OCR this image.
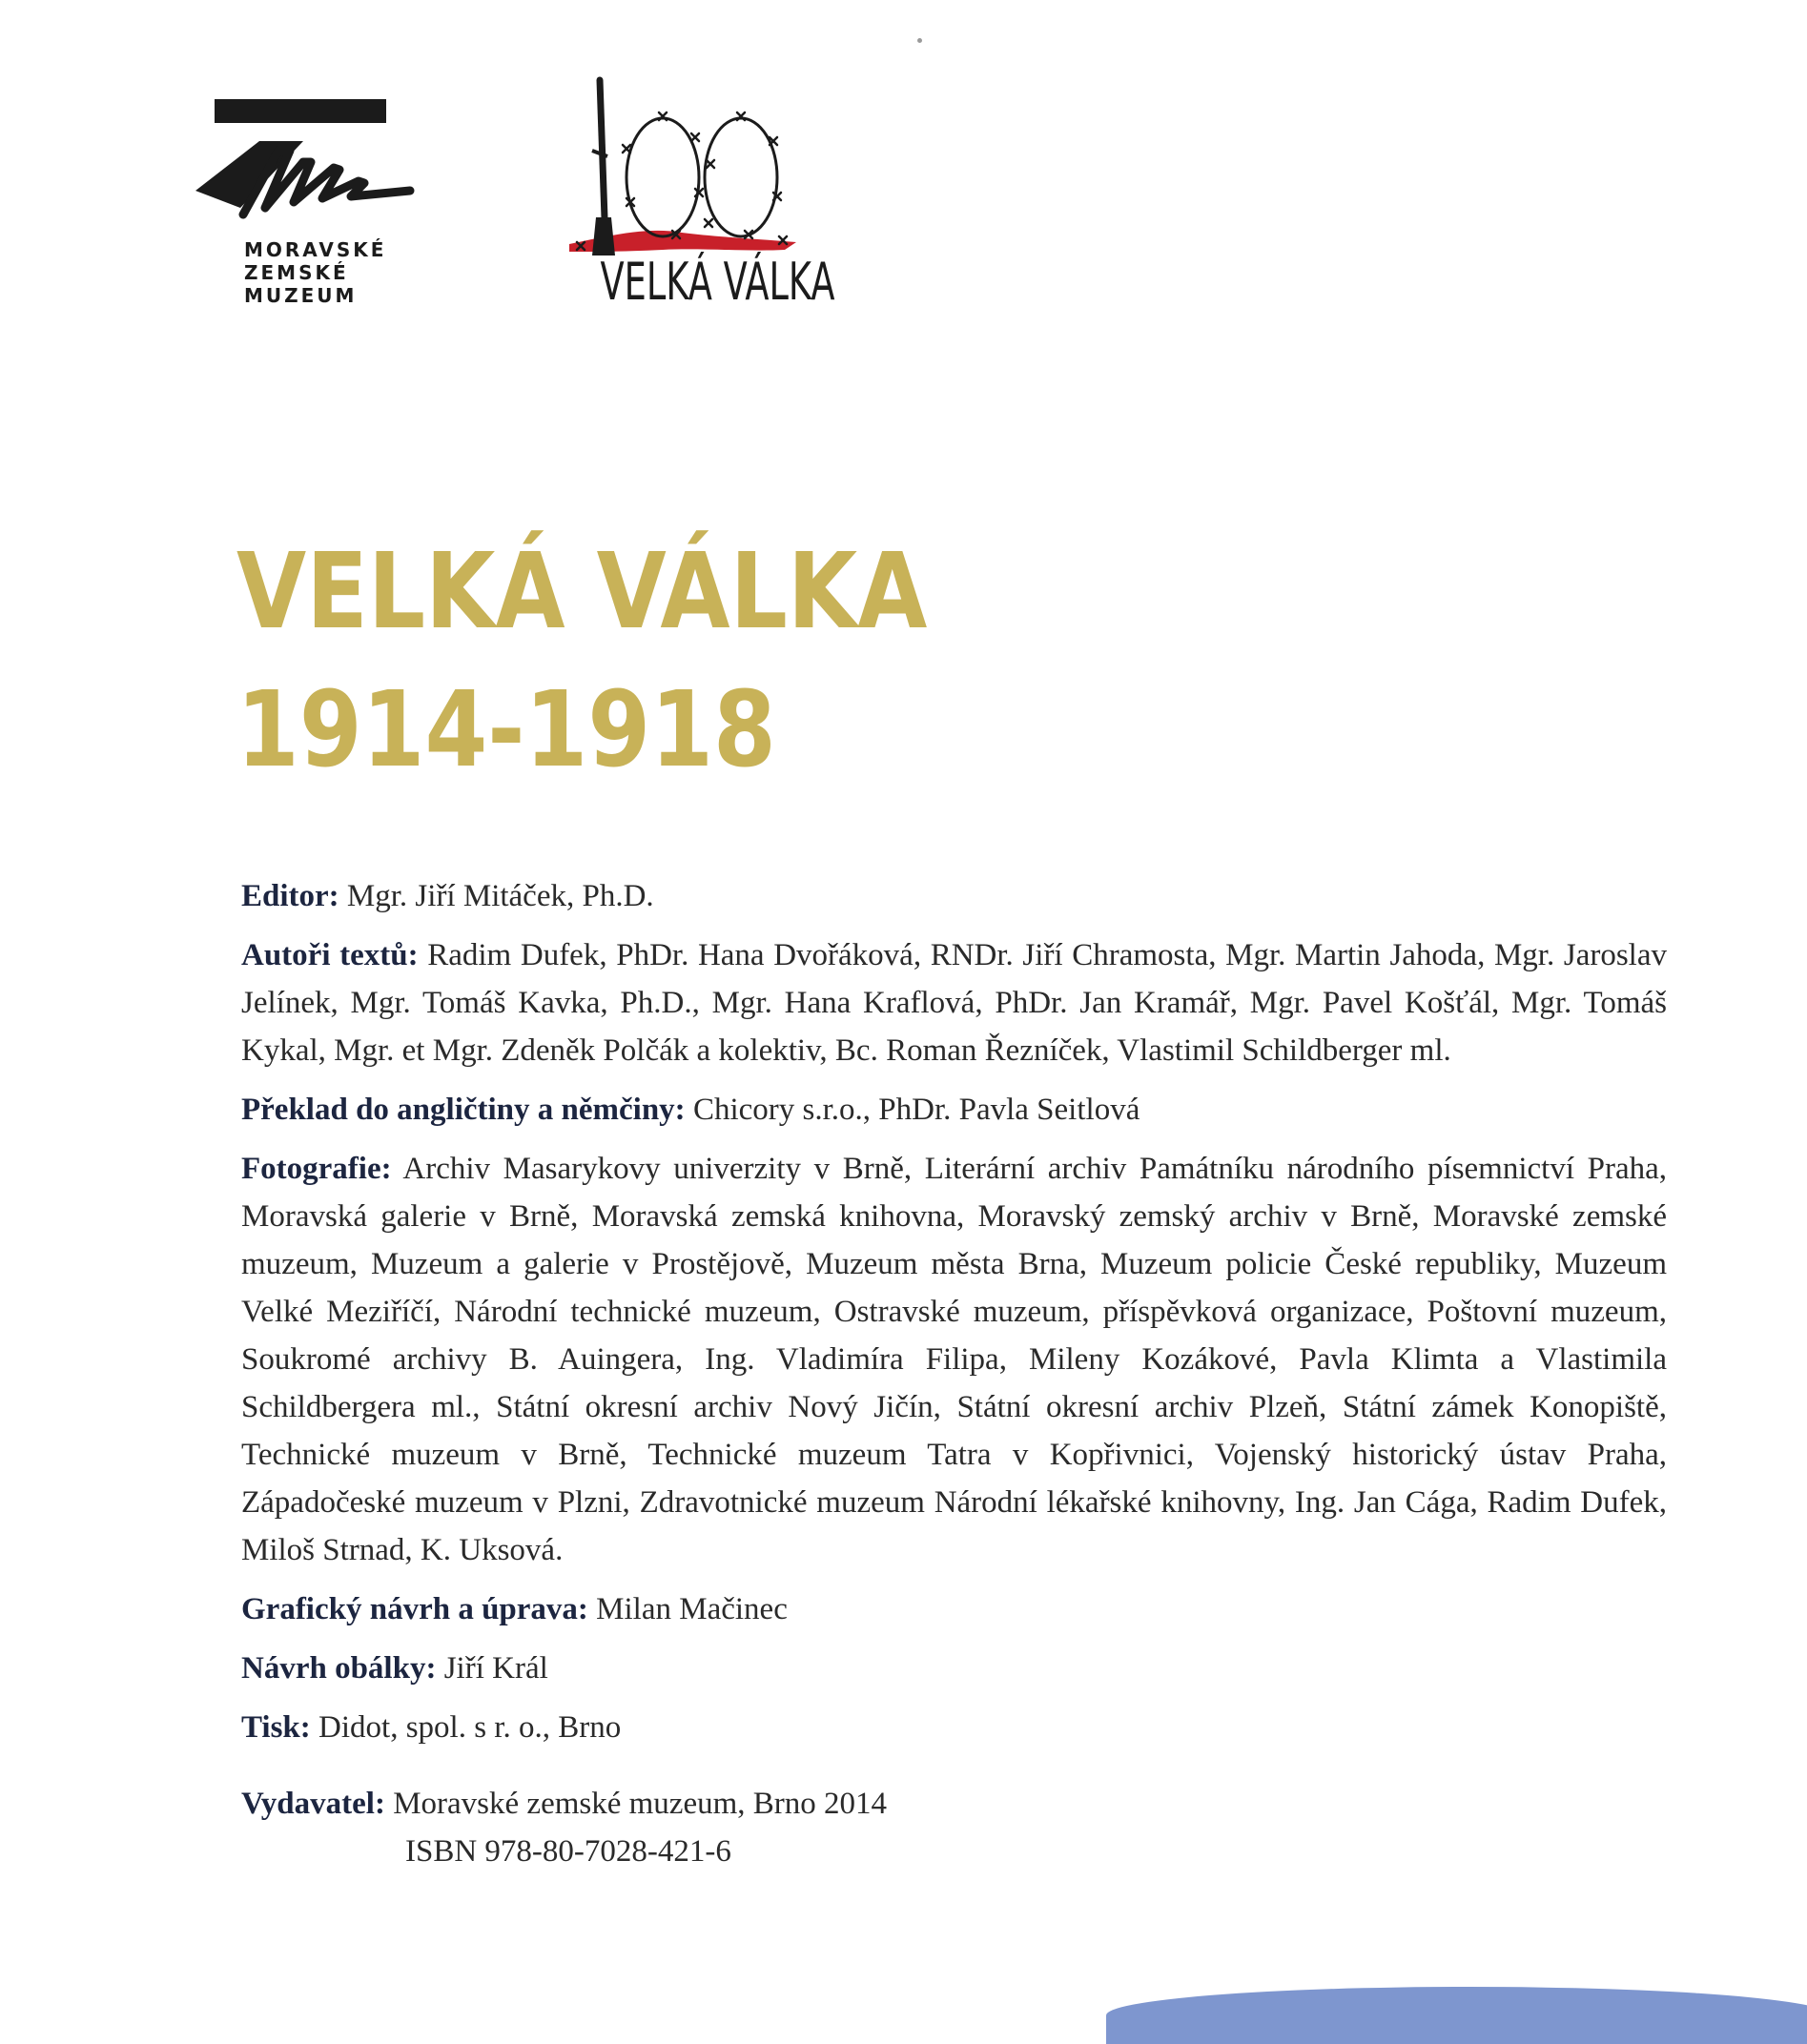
MORAVSKÉ
ZEMSKÉ
MUZEUM	VELKÁ VÁLKA
VELKÁ VÁLKA
1914-1918

Editor: Mgr. Jiří Mitáček, Ph.D.

Autoři textů: Radim Dufek, PhDr. Hana Dvořáková, RNDr. Jiří Chramosta, Mgr. Martin Jahoda, Mgr. Jaroslav Jelínek, Mgr. Tomáš Kavka, Ph.D., Mgr. Hana Kraflová, PhDr. Jan Kramář, Mgr. Pavel Košťál, Mgr. Tomáš Kykal, Mgr. et Mgr. Zdeněk Polčák a kolektiv, Bc. Roman Řezníček, Vlastimil Schildberger ml.

Překlad do angličtiny a němčiny: Chicory s.r.o., PhDr. Pavla Seitlová

Fotografie: Archiv Masarykovy univerzity v Brně, Literární archiv Památníku národního písemnictví Praha, Moravská galerie v Brně, Moravská zemská knihovna, Moravský zemský archiv v Brně, Moravské zemské muzeum, Muzeum a galerie v Prostějově, Muzeum města Brna, Muzeum policie České republiky, Muzeum Velké Meziříčí, Národní technické muzeum, Ostravské muzeum, příspěvková organizace, Poštovní muzeum, Soukromé archivy B. Auingera, Ing. Vladimíra Filipa, Mileny Kozákové, Pavla Klimta a Vlastimila Schildbergera ml., Státní okresní archiv Nový Jičín, Státní okresní archiv Plzeň, Státní zámek Konopiště, Technické muzeum v Brně, Technické muzeum Tatra v Kopřivnici, Vojenský historický ústav Praha, Západočeské muzeum v Plzni, Zdravotnické muzeum Národní lékařské knihovny, Ing. Jan Cága, Radim Dufek, Miloš Strnad, K. Uksová.

Grafický návrh a úprava: Milan Mačinec

Návrh obálky: Jiří Král

Tisk: Didot, spol. s r. o., Brno

Vydavatel: Moravské zemské muzeum, Brno 2014

ISBN 978-80-7028-421-6
